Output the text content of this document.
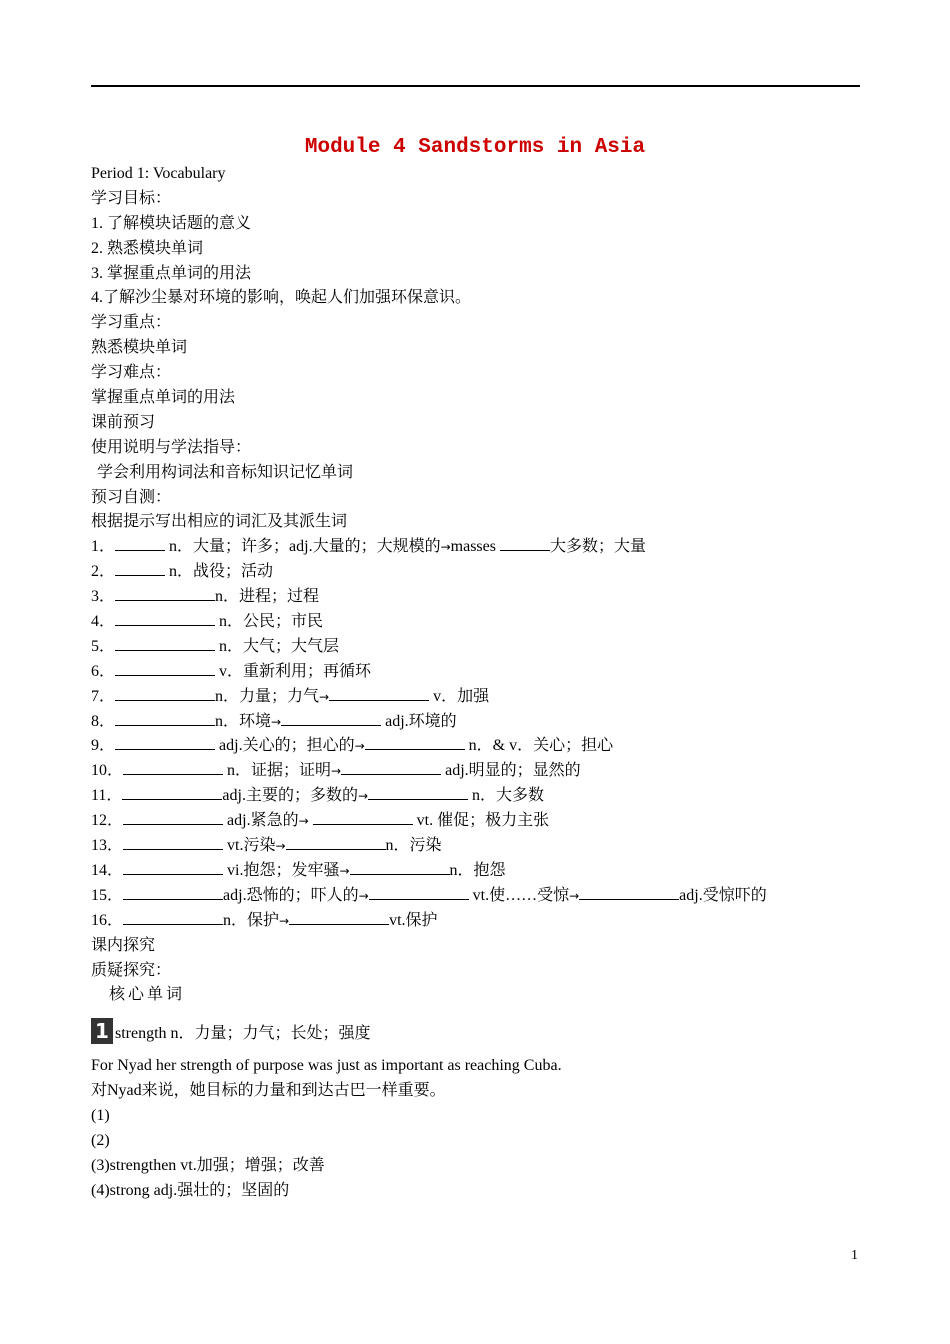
Module 4 Sandstorms in Asia
Period 1: Vocabulary
学习目标：
1. 了解模块话题的意义
2. 熟悉模块单词
3. 掌握重点单词的用法
4.了解沙尘暴对环境的影响，唤起人们加强环保意识。
学习重点：
熟悉模块单词
学习难点：
掌握重点单词的用法
课前预习
使用说明与学法指导：
学会利用构词法和音标知识记忆单词
预习自测：
根据提示写出相应的词汇及其派生词
1．	n．大量；许多；adj.大量的；大规模的→masses	大多数；大量
2．	n．战役；活动
3．	n．进程；过程
4．	n．公民；市民
5．	n．大气；大气层
6．	v．重新利用；再循环
7．	n．力量；力气→	v．加强
8．	n．环境→	adj.环境的
9．	adj.关心的；担心的→	n．& v．关心；担心
10．	n．证据；证明→	adj.明显的；显然的
11．	adj.主要的；多数的→	n．大多数
12．	adj.紧急的→	vt. 催促；极力主张
13．	vt.污染→	n．污染
14．	vi.抱怨；发牢骚→	n．抱怨
15．	adj.恐怖的；吓人的→	vt.使……受惊→	adj.受惊吓的
16．	n．保护→	vt.保护
课内探究
质疑探究：
核心单词
1 strength n．力量；力气；长处；强度
For Nyad her strength of purpose was just as important as reaching Cuba.
对Nyad来说，她目标的力量和到达古巴一样重要。
(1)
(2)
(3)strengthen vt.加强；增强；改善
(4)strong adj.强壮的；坚固的
1
